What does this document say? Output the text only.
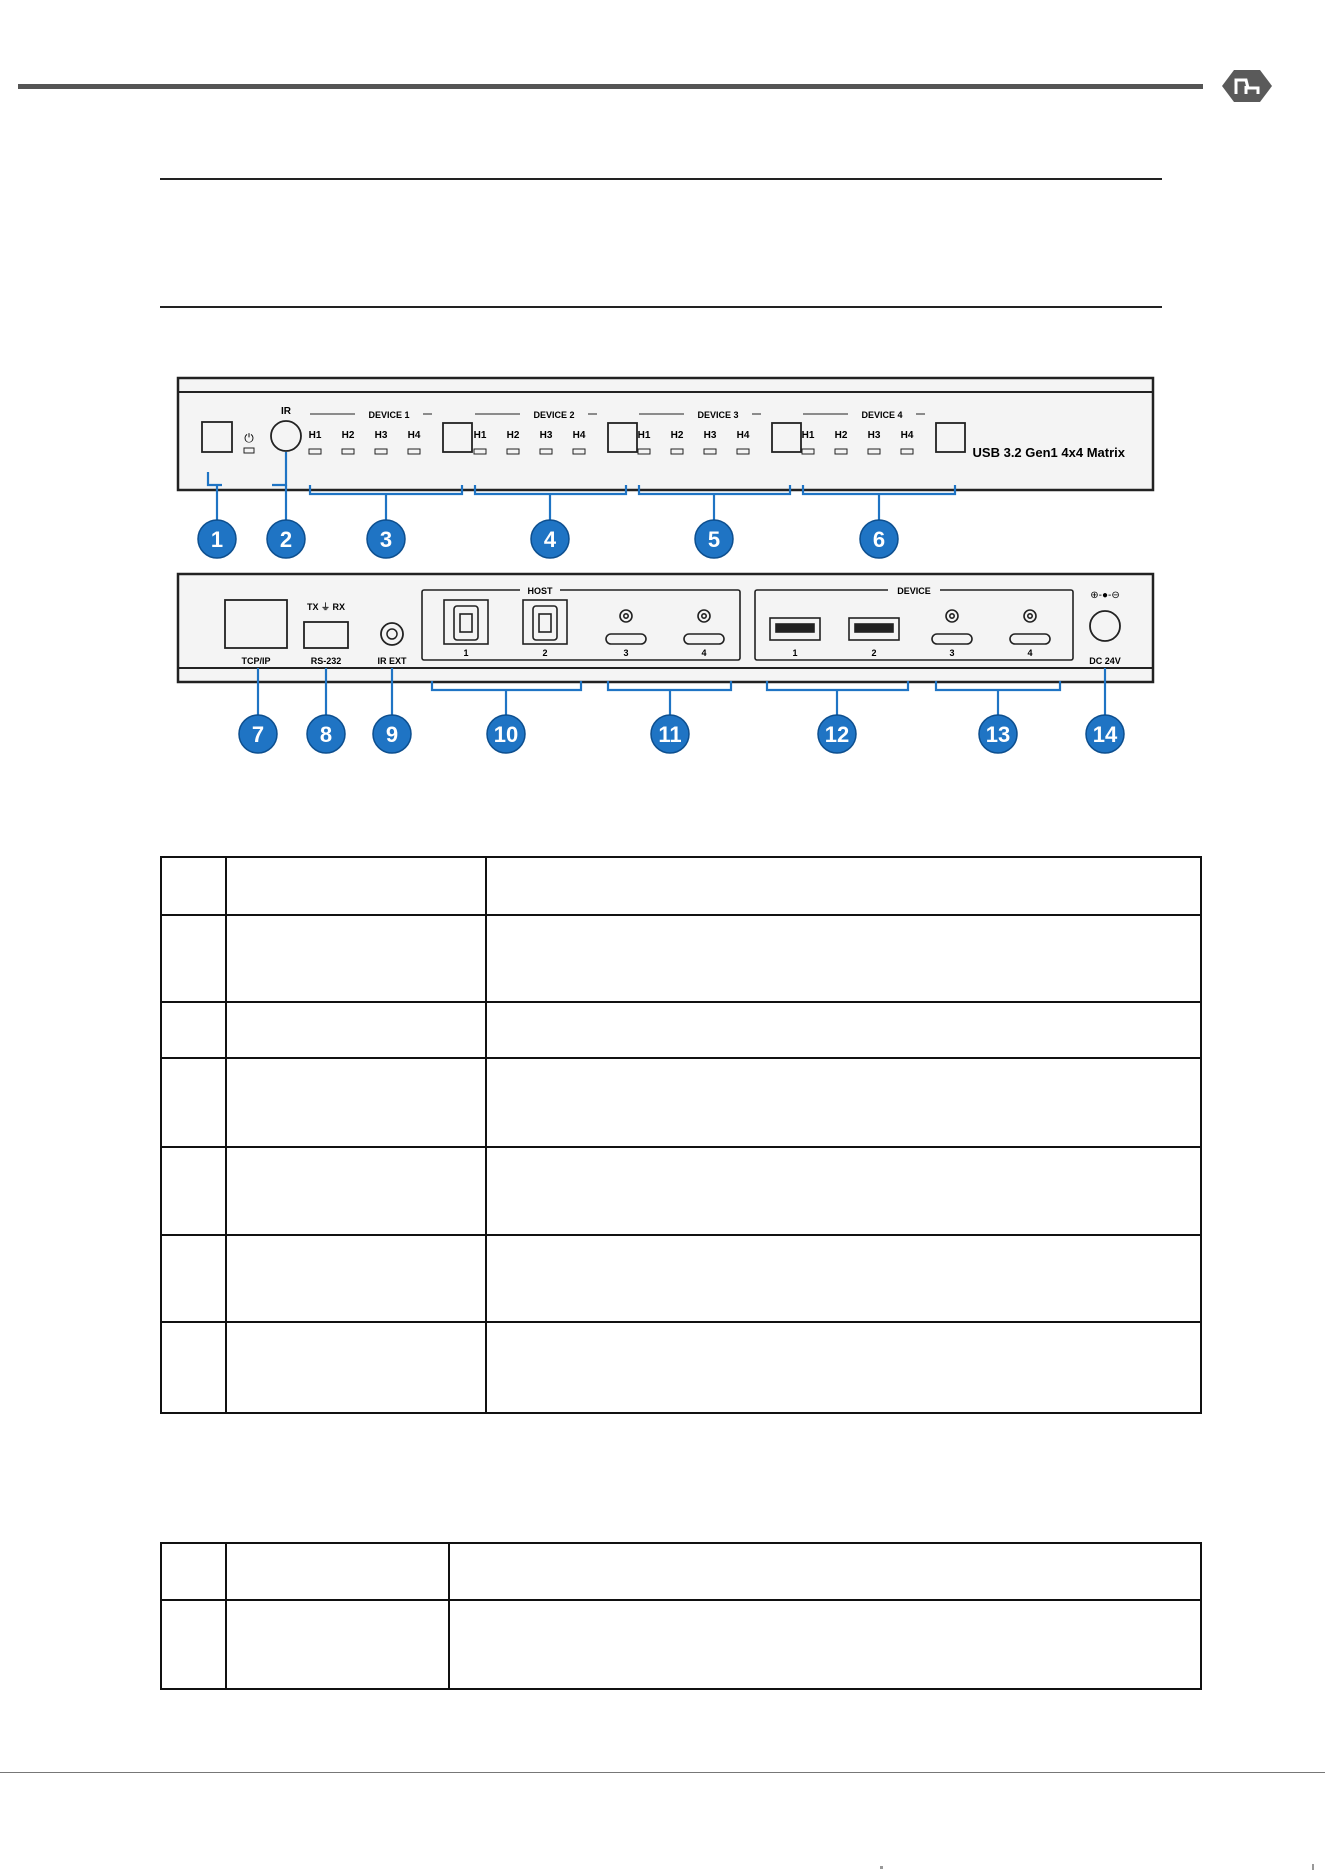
⏻
IR	DEVICE 1
H1 H2 H3 H4
DEVICE 2
H1 H2 H3 H4
DEVICE 3
H1 H2 H3 H4
DEVICE 4
H1 H2 H3 H4
USB 3.2 Gen1 4x4 Matrix
1	2	3	4	5	6
TCP/IP
TX ⏚ RX
RS-232	IR EXT
HOST
1	2	3	4
DEVICE
1	2	3	4
⊕-●-⊖
DC 24V
7	8 9	10	11	12	13	14
